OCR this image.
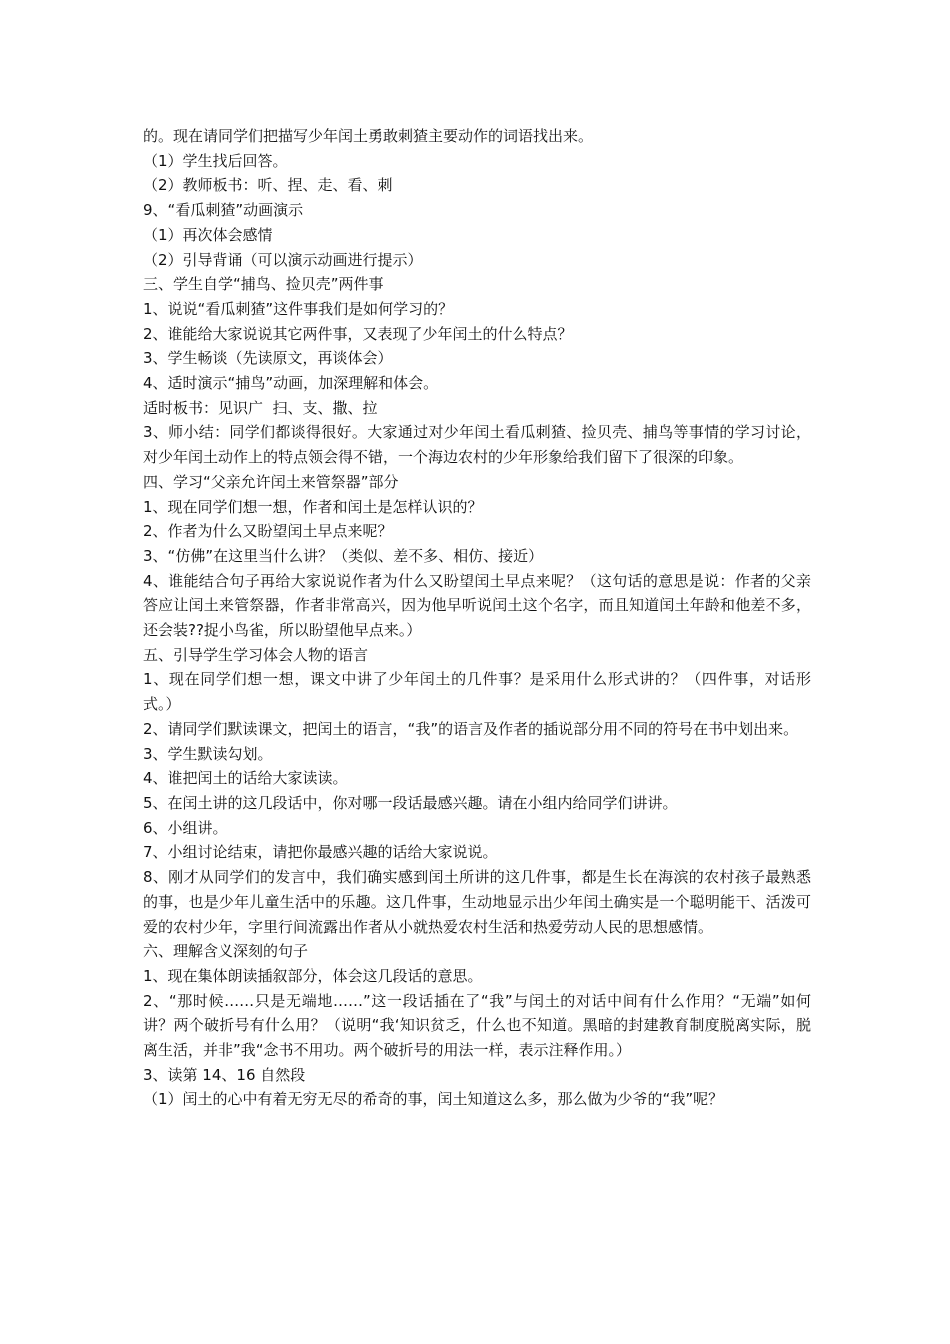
的。现在请同学们把描写少年闰土勇敢刺猹主要动作的词语找出来。

（1）学生找后回答。

（2）教师板书：听、捏、走、看、刺

9、“看瓜刺猹”动画演示

（1）再次体会感情

（2）引导背诵（可以演示动画进行提示）

三、学生自学“捕鸟、捡贝壳”两件事

1、说说“看瓜刺猹”这件事我们是如何学习的？

2、谁能给大家说说其它两件事，又表现了少年闰土的什么特点？

3、学生畅谈（先读原文，再谈体会）

4、适时演示“捕鸟”动画，加深理解和体会。

适时板书：见识广  扫、支、撒、拉

3、师小结：同学们都谈得很好。大家通过对少年闰土看瓜刺猹、捡贝壳、捕鸟等事情的学习讨论，对少年闰土动作上的特点领会得不错，一个海边农村的少年形象给我们留下了很深的印象。

四、学习“父亲允许闰土来管祭器”部分

1、现在同学们想一想，作者和闰土是怎样认识的？

2、作者为什么又盼望闰土早点来呢？

3、“仿佛”在这里当什么讲？（类似、差不多、相仿、接近）

4、谁能结合句子再给大家说说作者为什么又盼望闰土早点来呢？（这句话的意思是说：作者的父亲答应让闰土来管祭器，作者非常高兴，因为他早听说闰土这个名字，而且知道闰土年龄和他差不多，还会装??捉小鸟雀，所以盼望他早点来。）

五、引导学生学习体会人物的语言

1、现在同学们想一想，课文中讲了少年闰土的几件事？是采用什么形式讲的？（四件事，对话形式。）

2、请同学们默读课文，把闰土的语言，“我”的语言及作者的插说部分用不同的符号在书中划出来。

3、学生默读勾划。

4、谁把闰土的话给大家读读。

5、在闰土讲的这几段话中，你对哪一段话最感兴趣。请在小组内给同学们讲讲。

6、小组讲。

7、小组讨论结束，请把你最感兴趣的话给大家说说。

8、刚才从同学们的发言中，我们确实感到闰土所讲的这几件事，都是生长在海滨的农村孩子最熟悉的事，也是少年儿童生活中的乐趣。这几件事，生动地显示出少年闰土确实是一个聪明能干、活泼可爱的农村少年，字里行间流露出作者从小就热爱农村生活和热爱劳动人民的思想感情。

六、理解含义深刻的句子

1、现在集体朗读插叙部分，体会这几段话的意思。

2、“那时候……只是无端地……”这一段话插在了“我”与闰土的对话中间有什么作用？“无端”如何讲？两个破折号有什么用？（说明“我‘知识贫乏，什么也不知道。黑暗的封建教育制度脱离实际，脱离生活，并非”我“念书不用功。两个破折号的用法一样，表示注释作用。）

3、读第 14、16 自然段

（1）闰土的心中有着无穷无尽的希奇的事，闰土知道这么多，那么做为少爷的“我”呢？
